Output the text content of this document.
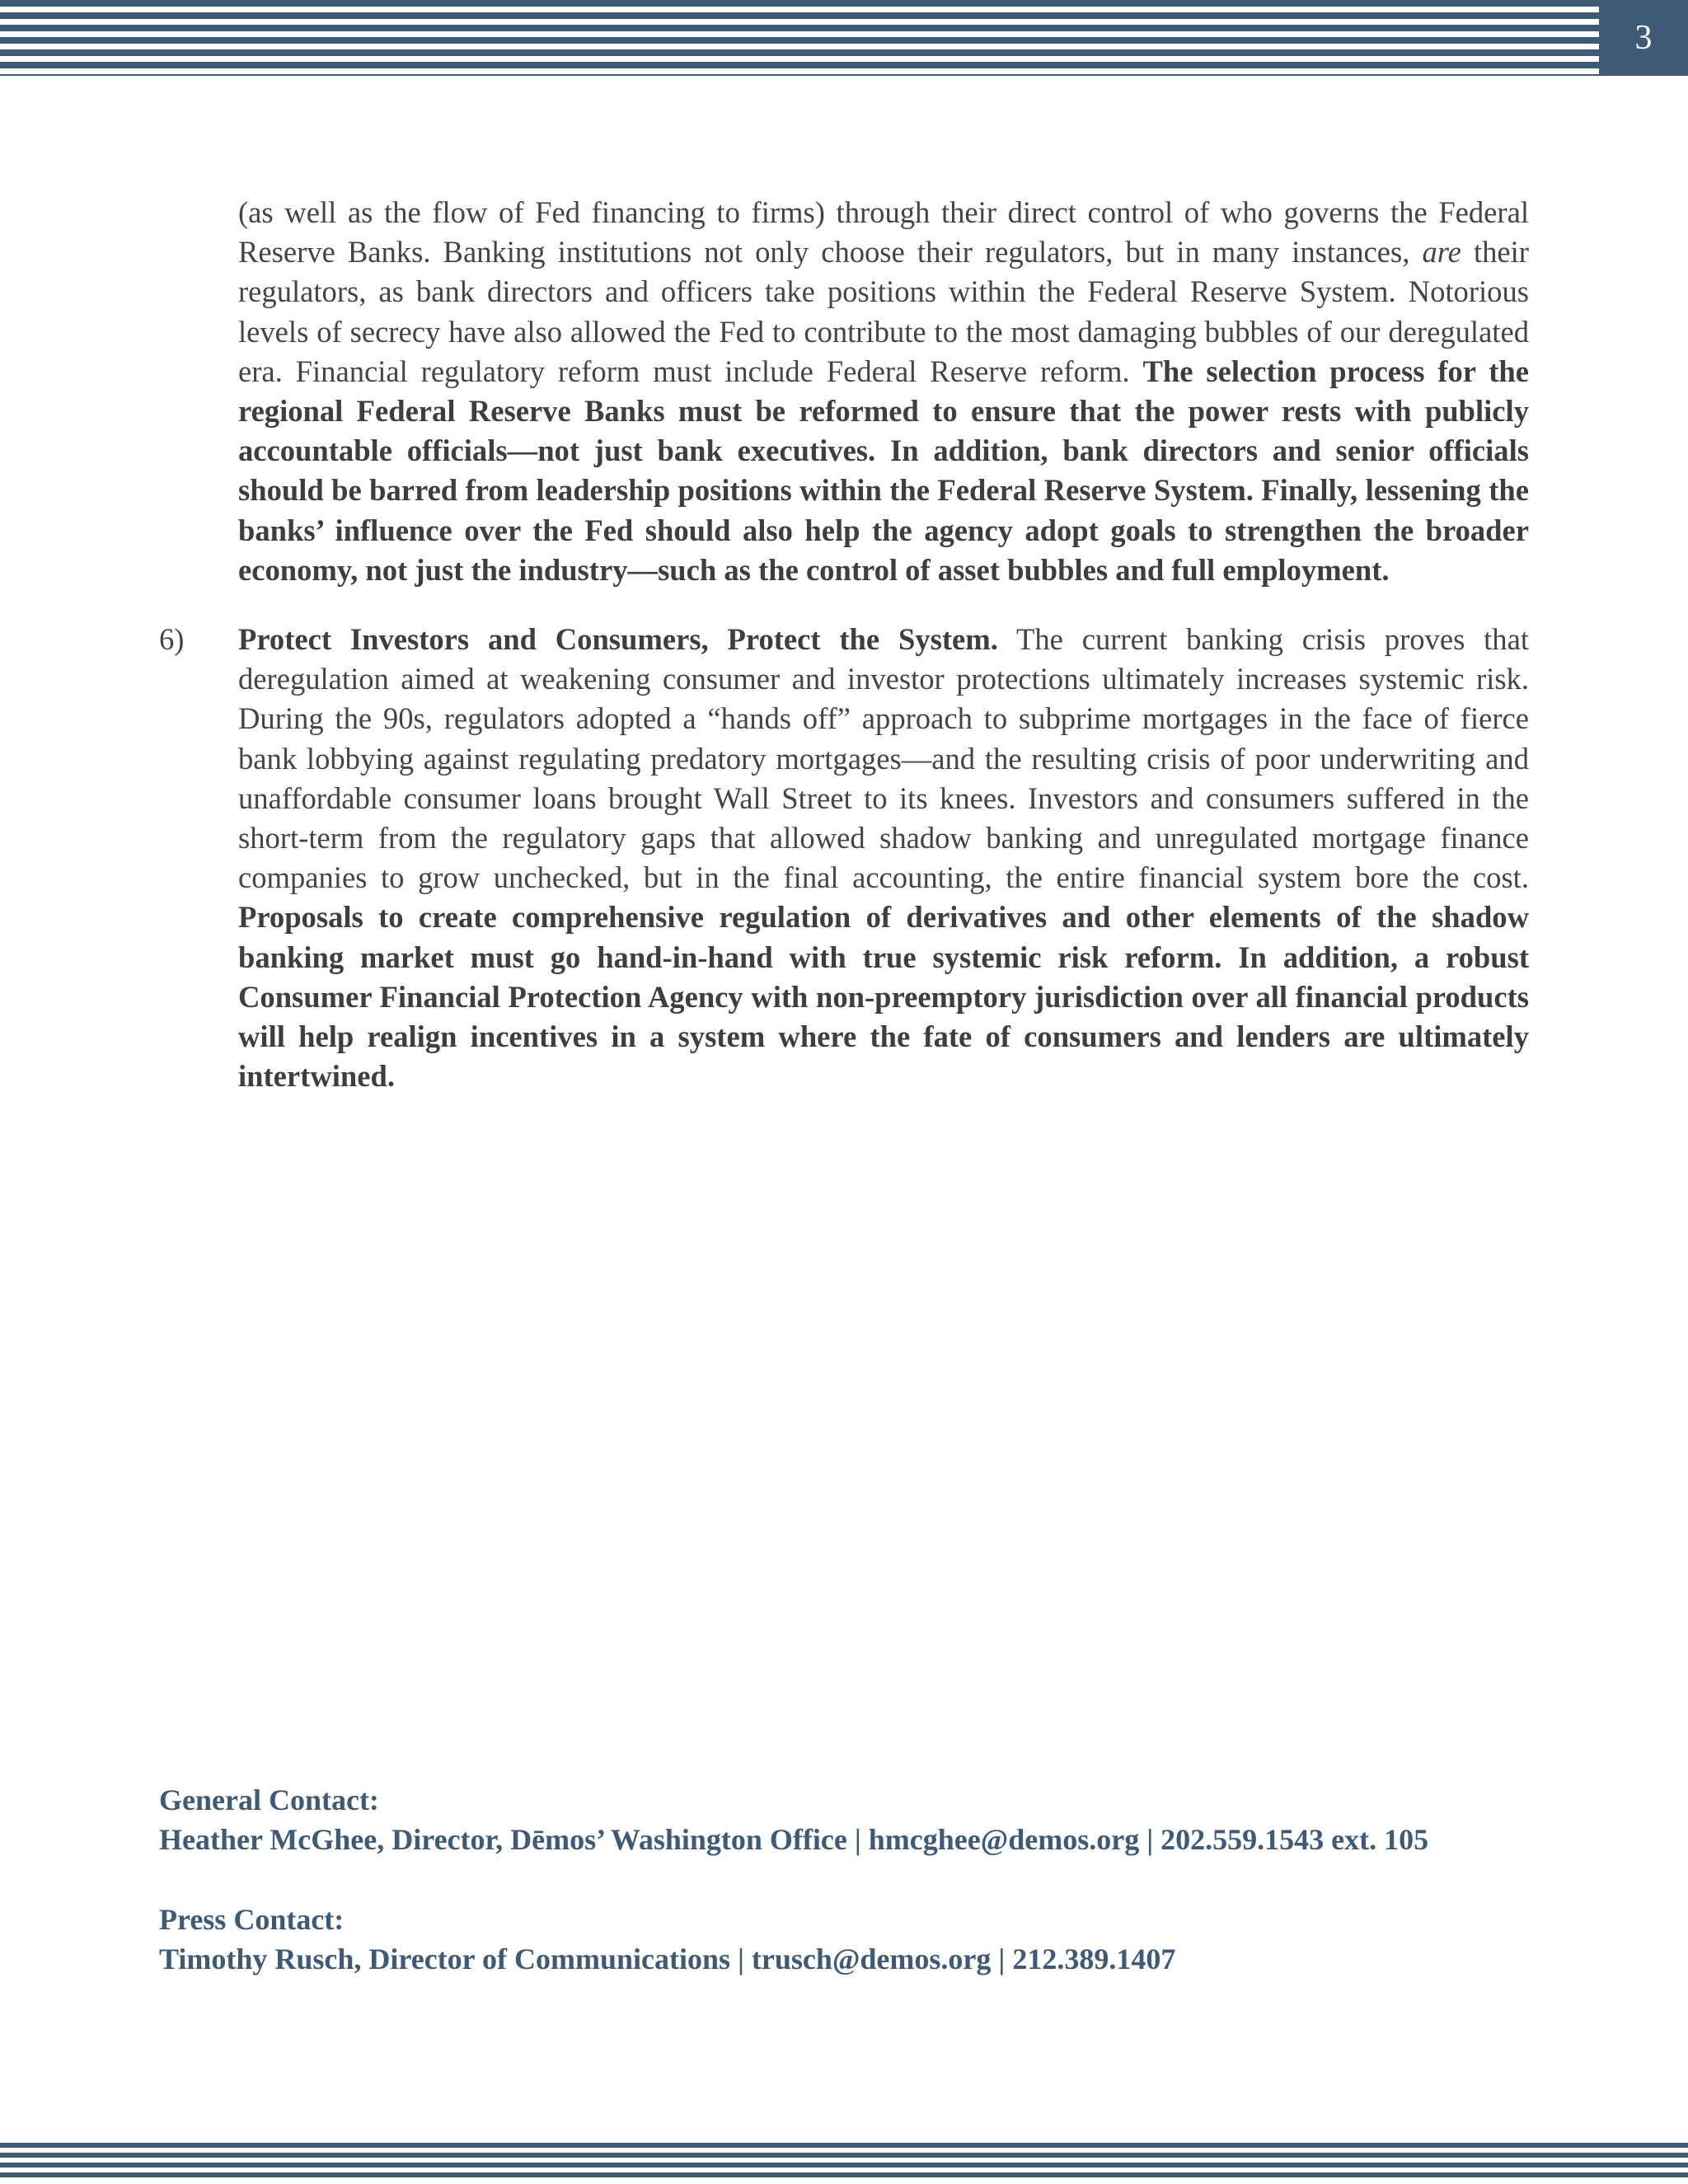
3

(as well as the flow of Fed financing to firms) through their direct control of who governs the Federal Reserve Banks. Banking institutions not only choose their regulators, but in many instances, are their regulators, as bank directors and officers take positions within the Federal Reserve System. Notorious levels of secrecy have also allowed the Fed to contribute to the most damaging bubbles of our deregulated era. Financial regulatory reform must include Federal Reserve reform. The selection process for the regional Federal Reserve Banks must be reformed to ensure that the power rests with publicly accountable officials—not just bank executives. In addition, bank directors and senior officials should be barred from leadership positions within the Federal Reserve System. Finally, lessening the banks’ influence over the Fed should also help the agency adopt goals to strengthen the broader economy, not just the industry—such as the control of asset bubbles and full employment.

6) Protect Investors and Consumers, Protect the System. The current banking crisis proves that deregulation aimed at weakening consumer and investor protections ultimately increases systemic risk. During the 90s, regulators adopted a “hands off” approach to subprime mortgages in the face of fierce bank lobbying against regulating predatory mortgages—and the resulting crisis of poor underwriting and unaffordable consumer loans brought Wall Street to its knees. Investors and consumers suffered in the short-term from the regulatory gaps that allowed shadow banking and unregulated mortgage finance companies to grow unchecked, but in the final accounting, the entire financial system bore the cost. Proposals to create comprehensive regulation of derivatives and other elements of the shadow banking market must go hand-in-hand with true systemic risk reform. In addition, a robust Consumer Financial Protection Agency with non-preemptory jurisdiction over all financial products will help realign incentives in a system where the fate of consumers and lenders are ultimately intertwined.

General Contact:
Heather McGhee, Director, Dēmos’ Washington Office | hmcghee@demos.org | 202.559.1543 ext. 105
Press Contact:
Timothy Rusch, Director of Communications | trusch@demos.org | 212.389.1407
